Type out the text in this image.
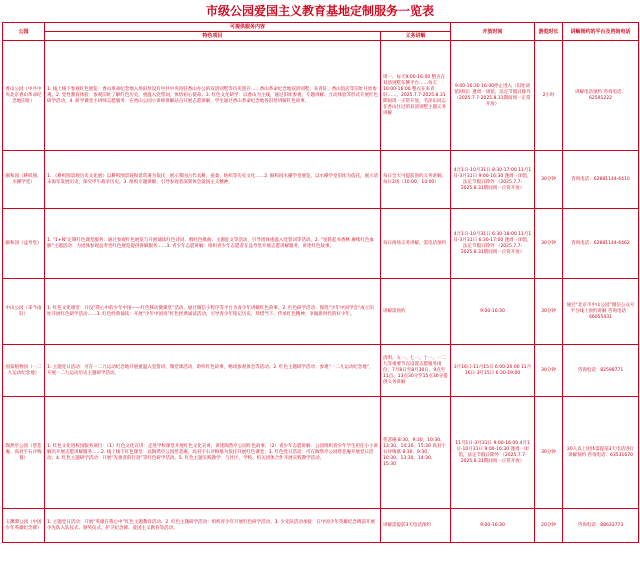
市级公园爱国主义教育基地定制服务一览表
公园	可提供服务内容		开放时间	游览时长	讲解预约的平台及咨询电话
	特色项目	义务讲解			
香山公园（中共中央北京香山革命纪念地旧址）	1. 线上线下参观红色展览：香山革命纪念地入场旧址设有中共中央进驻香山办公的双清别墅等历史遗存……香山革命纪念地双清别墅、来青轩、香山饭店等旧址开放参观。2. 党性教育体验：参观旧址了解红色历史，重温入党誓词，体悟初心使命。3. 红色文化研学：以香山为主线，通过旧址参观、专题讲解、互动体验等形式开展红色研学活动。4. 研学课堂小讲师志愿服务：在香山公园小讲师讲解站点开展志愿讲解，学生通过香山革命纪念地各旧址讲解红色故事。	周一、每天9:00-16:00 整点在双清别墅东侧平台……每天10:00-16:00 整点在来青轩……，2025.7.7-2025.8.31期间周一正常开放，毛泽东同志在香山住过的双清别墅主题义务讲解	9:00-16:30 16:00停止进入（旧址闭馆时间）逢周一闭馆，法定节假日除外 （2025.7.7-2025.8.31期间周一正常开放）	2小时	讲解电话预约 咨询电话：62591222
颐和园（耕织图、水操学堂）	1. 《耕织图景观历史文化展》以耕织图景观和延赏斋为依托，展示我国古代农耕、蚕桑、纺织等历史文化……2. 颐和园水操学堂展览，以水操学堂旧址为依托，展示清末海军发展历史，探究甲午战争历史。3. 组织专题讲解，引导参观者深刻体会爱国主义精神。	每日全天可提前预约义务讲解，每日2场（10:00、14:00）	4月1日-10月31日 8:30-17:00 11月1日-3月31日 9:00-16:30 逢周一闭馆，法定节假日除外 （2025.7.7-2025.8.31期间周一正常开放）	30分钟	咨询电话：62881144-6410
颐和园（益寿堂）	1. “1+N”定制红色课堂服务：通过参观红色展览与开展诵读红色诗词、唱红色歌曲、主题征文等活动，引导团体重温入党誓词等活动。2. “星晨起书香林 赓续红色血脉”主题活动：为团体参观益寿堂红色展览提供讲解服务……3. 青少年志愿讲解：组织青少年志愿者在益寿堂开展志愿讲解服务，讲述红色故事。	每日两场义务讲解，需电话预约	4月1日-10月31日 6:30-18:00 11月1日-3月31日 6:30-17:00 逢周一闭馆，法定节假日除外 （2025.7.7-2025.8.31期间周一正常开放）	30分钟	咨询电话：62881144-6462
中山公园（来今雨轩）	1. 红色文化课堂：开设“我心中的少年中国——红色移动微课堂”活动，通过微信小程序等平台为青少年讲解红色故事。2. 红色研学活动：围绕“少年中国学会”成立旧址开展红色研学活动……3. 红色经典诵读：开展“少年中国说”红色经典诵读活动，引导青少年铭记历史、珍惜当下、传承红色精神，争做新时代的好少年。	讲解需预约	9:00-16:30	30分钟	通过“北京市中山公园”微信公众号平台线上预约讲解 咨询电话：66055431
国家植物园（一二九运动纪念地）	1. 主题党日活动：可在一二九运动纪念地开展重温入党誓词、微党课活动，聆听红色故事，畅谈参观体会等活动。2. 红色主题研学活动：参观“一二九运动纪念地”，开展一二九运动历史主题研学活动。	清明、五一、七一、十一、一二九等重要节点设置志愿服务岗位，7月8日至8月30日、9点至11点、13点30分至15点30分提供义务讲解	3月16日-11月15日 6:00-20:00 11月16日-3月15日 6:30-19:00	30分钟	咨询电话：82598771
陶然亭公园（慈悲庵、高君宇石评梅墓）	1. 红色文化进校园服务项目：（1）红色文化宣讲：走进学校课堂开展红色文化宣讲，讲述陶然亭公园红色故事；（2）青少年志愿讲解：公园组织青少年学生担任小小讲解员开展志愿讲解服务……2. 线上线下红色课堂：以陶然亭公园慈悲庵、高君宇石评梅墓为依托开展红色课堂；3. 红色党日活动：可在陶然亭公园慈悲庵开展党日活动；4. 红色主题研学活动：开展“先驱者的行迹”等红色研学活动。5. 红色主题实践教学：与社区、学校、机关团体合作开展实践教学活动。	慈悲庵 8:30、9:30、10:30、13:30、14:30、15:30 高君宇石评梅墓 8:30、9:30、10:30、13:30、14:30、15:30	11月1日-3月31日 9:00-16:00 4月1日-10月31日 9:00-16:30 逢周一闭馆，法定节假日除外 （2025.7.7-2025.8.31期间周一正常开放）	30分钟	20人以上团体需提前3天电话进行讲解预约 咨询电话：63531670
玉渊潭公园（中国少年英雄纪念碑）	1. 主题党日活动：开展“英雄在我心中”红色主题教育活动。2. 红色主题研学活动：组织青少年开展红色研学活动。3. 少先队活动承接：在中国少年英雄纪念碑前开展少先队入队仪式、颁奖仪式、护卫纪念碑、爱国主义教育等活动。	讲解需提前3天电话预约	9:00-16:30	20分钟	咨询电话：88633773
